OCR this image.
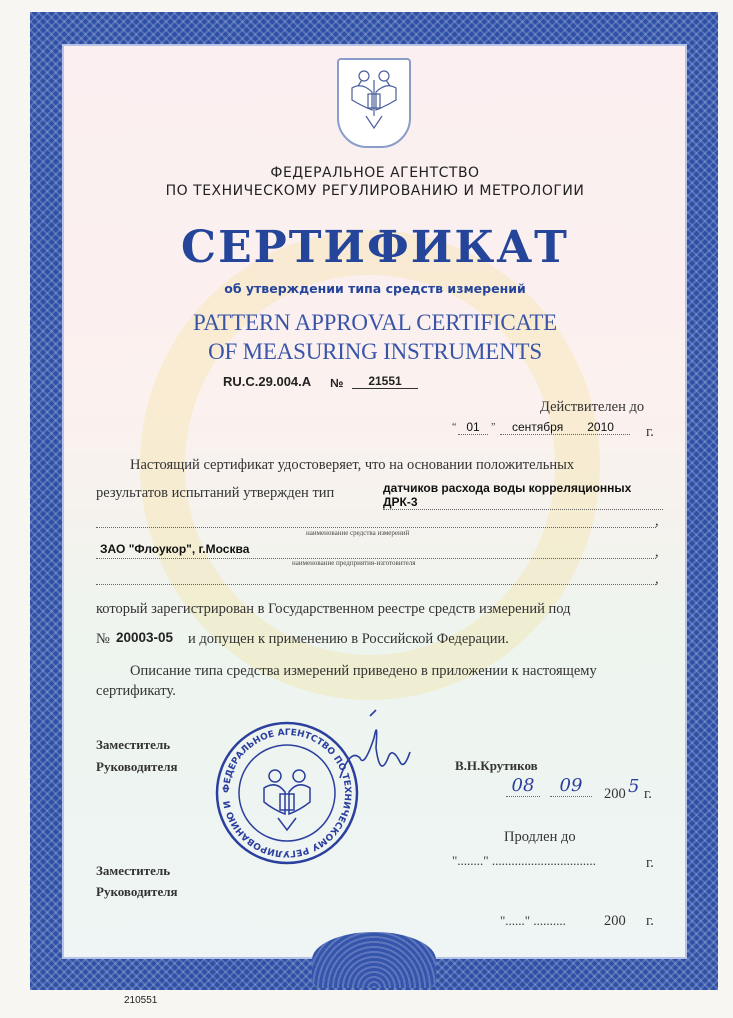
ФЕДЕРАЛЬНОЕ АГЕНТСТВО
ПО ТЕХНИЧЕСКОМУ РЕГУЛИРОВАНИЮ И МЕТРОЛОГИИ
СЕРТИФИКАТ
об утверждении типа средств измерений
PATTERN APPROVAL CERTIFICATE
OF MEASURING INSTRUMENTS
RU.C.29.004.A №	21551
Действителен до
“ 01	”	сентября 2010	г.
Настоящий сертификат удостоверяет, что на основании положительных
результатов испытаний утвержден тип	датчиков расхода воды корреляционных ДРК-3
,
наименование средства измерений
ЗАО "Флоукор", г.Москва	,
наименование предприятия-изготовителя
,
который зарегистрирован в Государственном реестре средств измерений под
№ 20003-05 и допущен к применению в Российской Федерации.
Описание типа средства измерений приведено в приложении к настоящему
сертификату.
Заместитель
Руководителя
ФЕДЕРАЛЬНОЕ АГЕНТСТВО ПО ТЕХНИЧЕСКОМУ РЕГУЛИРОВАНИЮ И
В.Н.Крутиков
08	09	200 5 г.
Продлен до
"........" ................................	г.
Заместитель
Руководителя
"......" ..........	200 г.
210551
